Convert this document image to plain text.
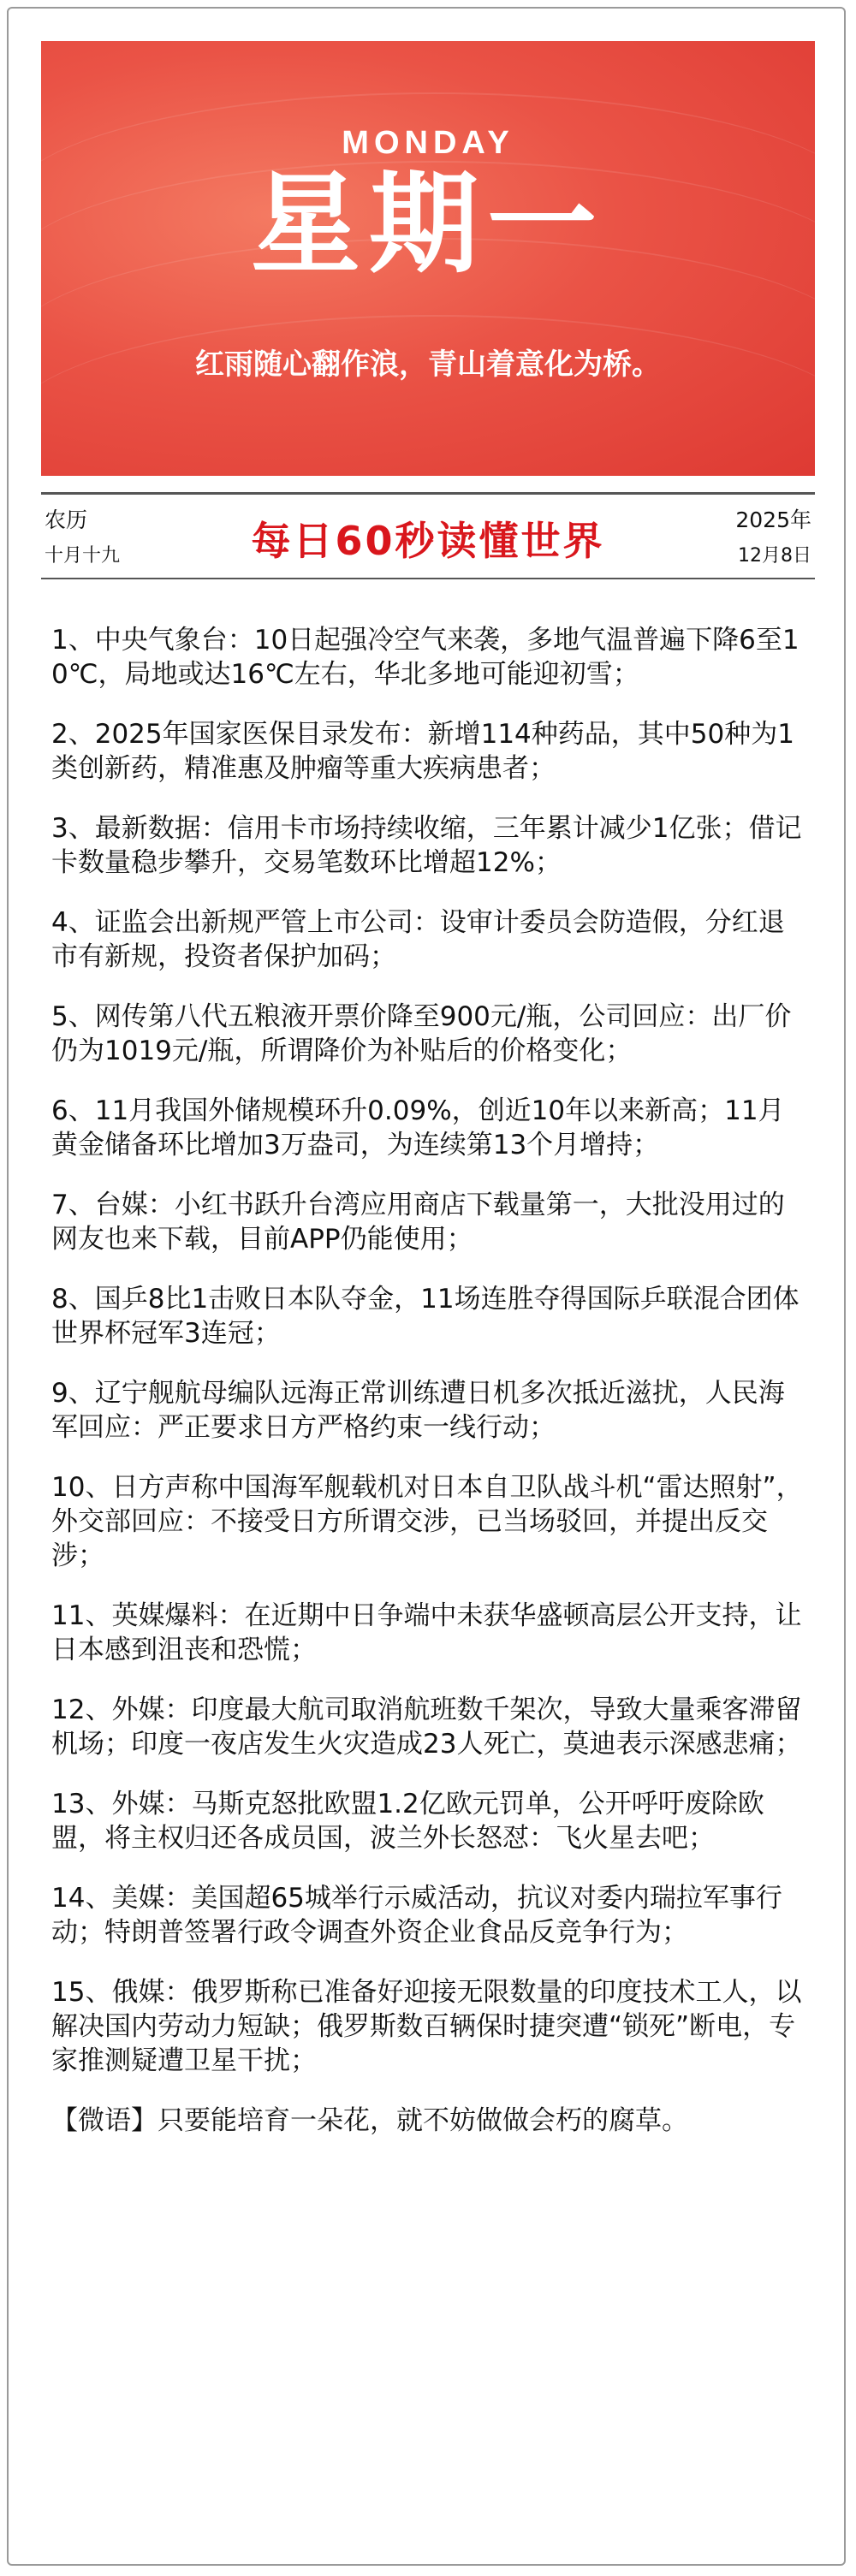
MONDAY
星期一
红雨随心翻作浪，青山着意化为桥。
农历
十月十九	每日60秒读懂世界	2025年
12月8日
1、中央气象台：10日起强冷空气来袭，多地气温普遍下降6至10℃，局地或达16℃左右，华北多地可能迎初雪；
2、2025年国家医保目录发布：新增114种药品，其中50种为1类创新药，精准惠及肿瘤等重大疾病患者；
3、最新数据：信用卡市场持续收缩，三年累计减少1亿张；借记卡数量稳步攀升，交易笔数环比增超12%；
4、证监会出新规严管上市公司：设审计委员会防造假，分红退市有新规，投资者保护加码；
5、网传第八代五粮液开票价降至900元/瓶，公司回应：出厂价仍为1019元/瓶，所谓降价为补贴后的价格变化；
6、11月我国外储规模环升0.09%，创近10年以来新高；11月黄金储备环比增加3万盎司，为连续第13个月增持；
7、台媒：小红书跃升台湾应用商店下载量第一，大批没用过的网友也来下载，目前APP仍能使用；
8、国乒8比1击败日本队夺金，11场连胜夺得国际乒联混合团体世界杯冠军3连冠；
9、辽宁舰航母编队远海正常训练遭日机多次抵近滋扰，人民海军回应：严正要求日方严格约束一线行动；
10、日方声称中国海军舰载机对日本自卫队战斗机“雷达照射”，外交部回应：不接受日方所谓交涉，已当场驳回，并提出反交涉；
11、英媒爆料：在近期中日争端中未获华盛顿高层公开支持，让日本感到沮丧和恐慌；
12、外媒：印度最大航司取消航班数千架次，导致大量乘客滞留机场；印度一夜店发生火灾造成23人死亡，莫迪表示深感悲痛；
13、外媒：马斯克怒批欧盟1.2亿欧元罚单，公开呼吁废除欧盟，将主权归还各成员国，波兰外长怒怼：飞火星去吧；
14、美媒：美国超65城举行示威活动，抗议对委内瑞拉军事行动；特朗普签署行政令调查外资企业食品反竞争行为；
15、俄媒：俄罗斯称已准备好迎接无限数量的印度技术工人，以解决国内劳动力短缺；俄罗斯数百辆保时捷突遭“锁死”断电，专家推测疑遭卫星干扰；
【微语】只要能培育一朵花，就不妨做做会朽的腐草。
